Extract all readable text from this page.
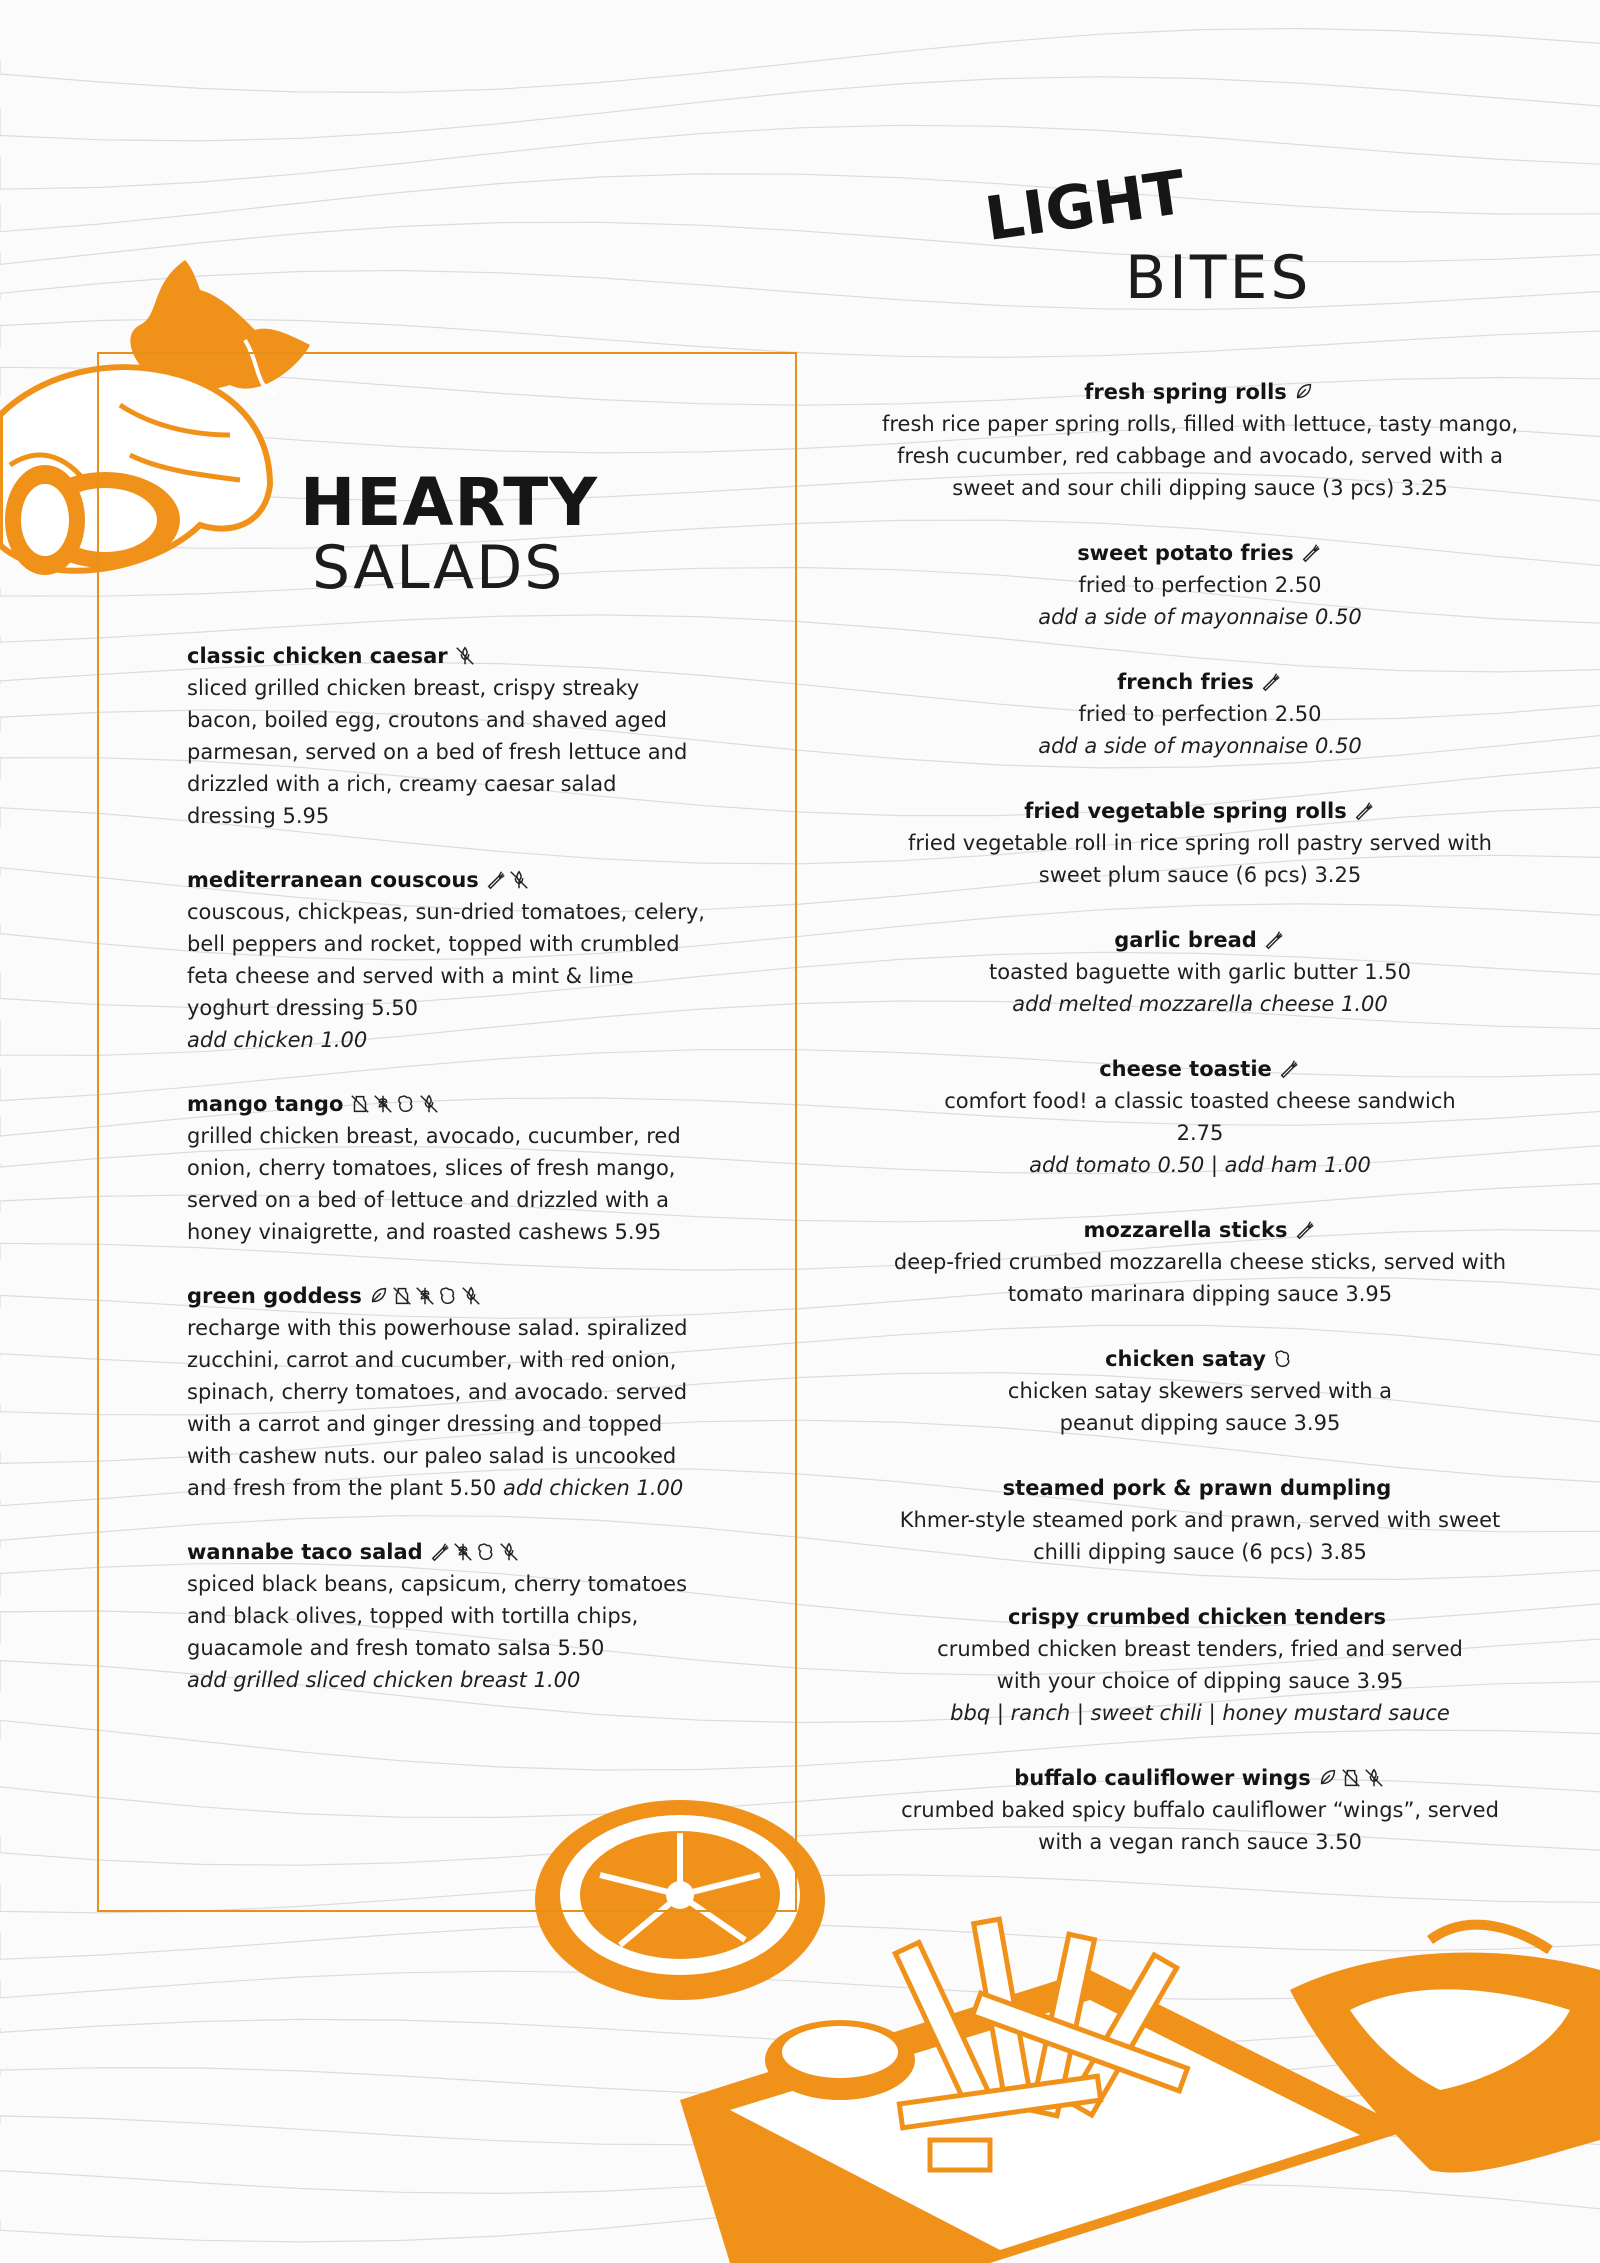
HEARTY
SALADS
LIGHT
BITES
classic chicken caesar
sliced grilled chicken breast, crispy streaky bacon, boiled egg, croutons and shaved aged parmesan, served on a bed of fresh lettuce and drizzled with a rich, creamy caesar salad dressing 5.95
mediterranean couscous
couscous, chickpeas, sun-dried tomatoes, celery, bell peppers and rocket, topped with crumbled feta cheese and served with a mint & lime yoghurt dressing 5.50
add chicken 1.00
mango tango
grilled chicken breast, avocado, cucumber, red onion, cherry tomatoes, slices of fresh mango, served on a bed of lettuce and drizzled with a honey vinaigrette, and roasted cashews 5.95
green goddess
recharge with this powerhouse salad. spiralized zucchini, carrot and cucumber, with red onion, spinach, cherry tomatoes, and avocado. served with a carrot and ginger dressing and topped with cashew nuts. our paleo salad is uncooked and fresh from the plant 5.50 add chicken 1.00
wannabe taco salad
spiced black beans, capsicum, cherry tomatoes and black olives, topped with tortilla chips, guacamole and fresh tomato salsa 5.50
add grilled sliced chicken breast 1.00
fresh spring rolls
fresh rice paper spring rolls, filled with lettuce, tasty mango, fresh cucumber, red cabbage and avocado, served with a sweet and sour chili dipping sauce (3 pcs) 3.25
sweet potato fries
fried to perfection 2.50
add a side of mayonnaise 0.50
french fries
fried to perfection 2.50
add a side of mayonnaise 0.50
fried vegetable spring rolls
fried vegetable roll in rice spring roll pastry served with sweet plum sauce (6 pcs) 3.25
garlic bread
toasted baguette with garlic butter 1.50
add melted mozzarella cheese 1.00
cheese toastie
comfort food! a classic toasted cheese sandwich 2.75
add tomato 0.50 | add ham 1.00
mozzarella sticks
deep-fried crumbed mozzarella cheese sticks, served with tomato marinara dipping sauce 3.95
chicken satay
chicken satay skewers served with a peanut dipping sauce 3.95
steamed pork & prawn dumpling
Khmer-style steamed pork and prawn, served with sweet chilli dipping sauce (6 pcs) 3.85
crispy crumbed chicken tenders
crumbed chicken breast tenders, fried and served with your choice of dipping sauce 3.95
bbq | ranch | sweet chili | honey mustard sauce
buffalo cauliflower wings
crumbed baked spicy buffalo cauliflower “wings”, served with a vegan ranch sauce 3.50
